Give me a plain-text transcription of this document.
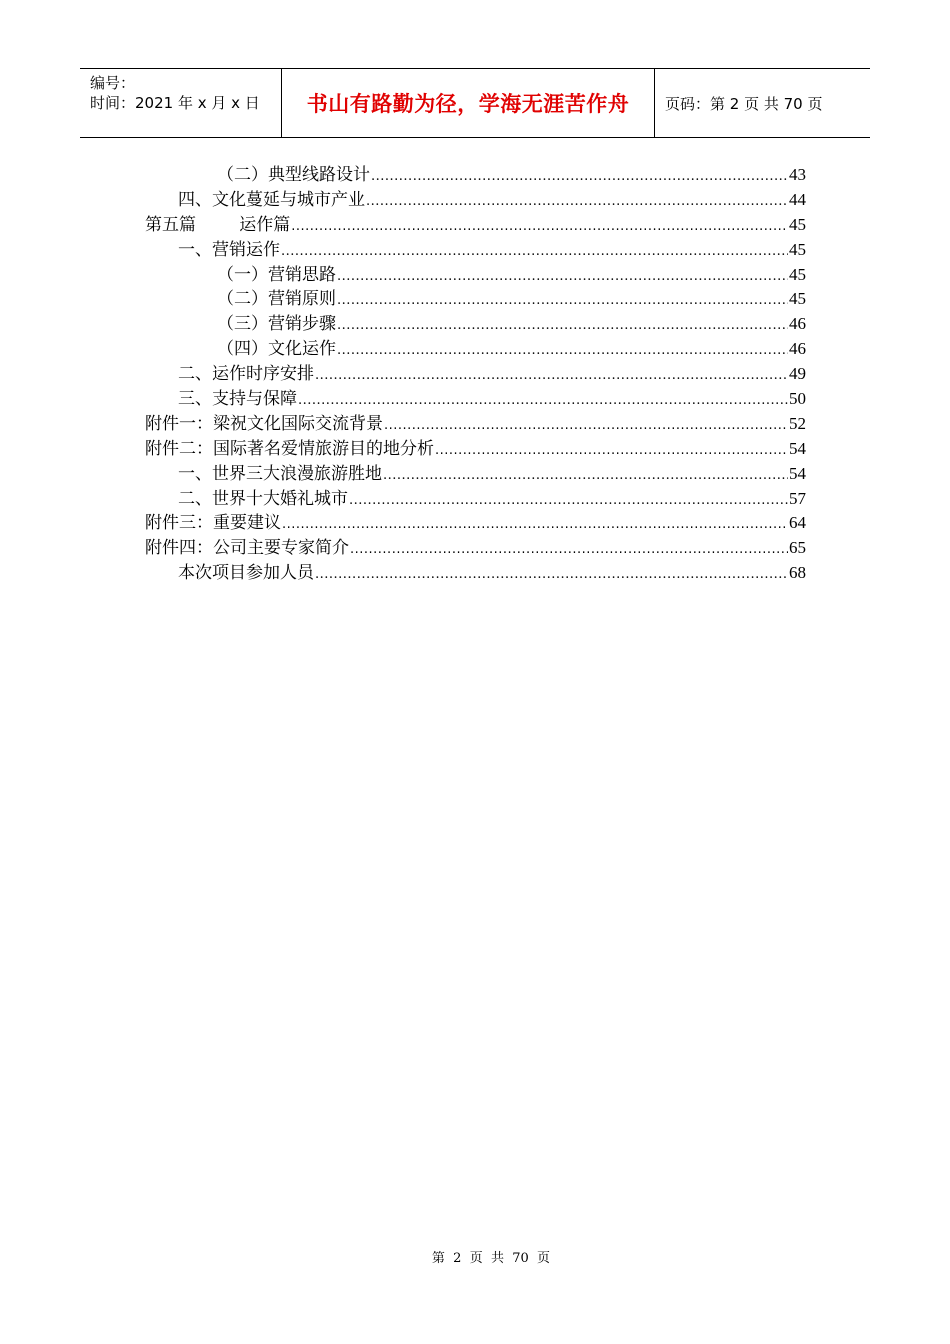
编号：
时间：2021 年 x 月 x 日	书山有路勤为径，学海无涯苦作舟	页码：第 2 页 共 70 页
（二）典型线路设计 .....	43
四、文化蔓延与城市产业 .....	44
第五篇        运作篇 .....	45
一、营销运作 .....	45
（一）营销思路 .....	45
（二）营销原则 .....	45
（三）营销步骤 .....	46
（四）文化运作 .....	46
二、运作时序安排 .....	49
三、支持与保障 .....	50
附件一：梁祝文化国际交流背景 .....	52
附件二：国际著名爱情旅游目的地分析 .....	54
一、世界三大浪漫旅游胜地 .....	54
二、世界十大婚礼城市 .....	57
附件三：重要建议 .....	64
附件四：公司主要专家简介 .....	65
本次项目参加人员 .....	68
第  2  页  共  70  页
